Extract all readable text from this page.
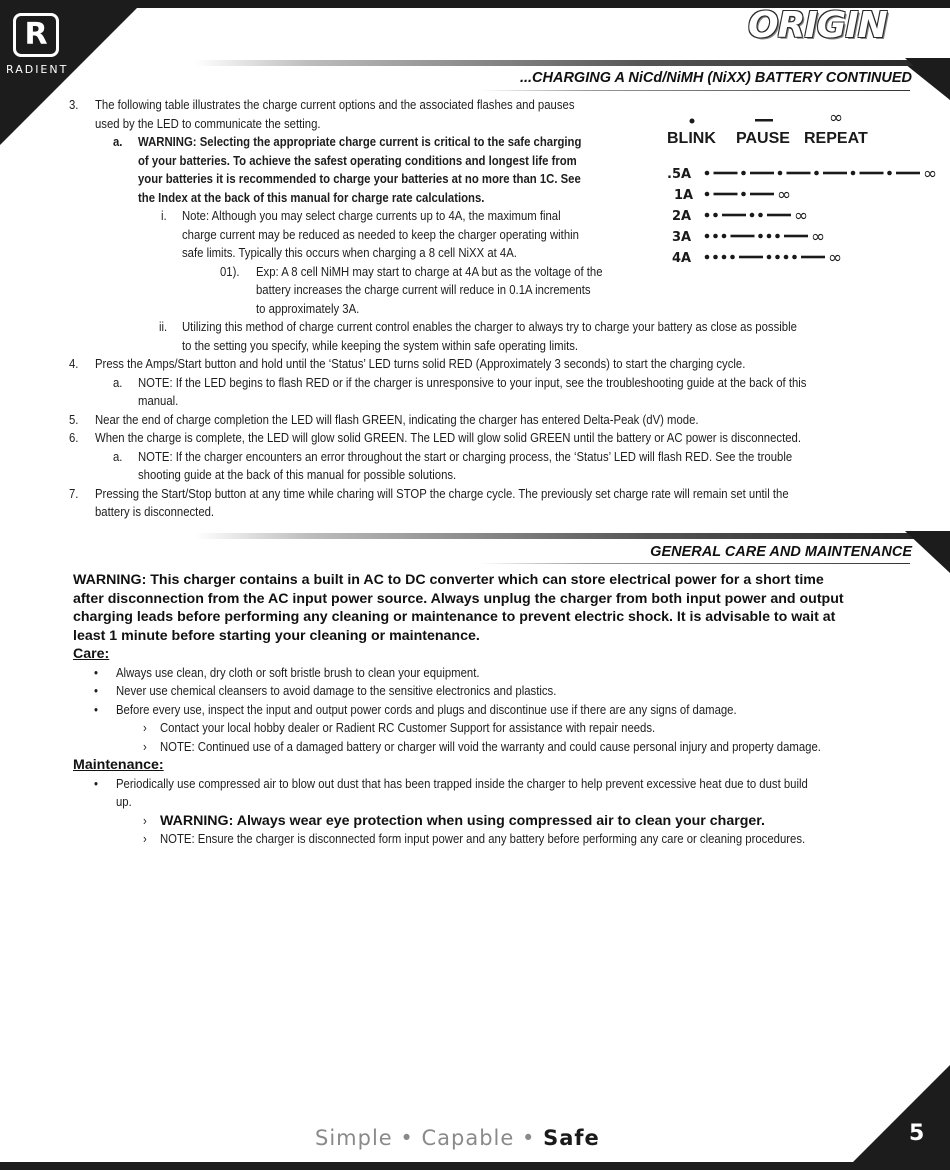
R
RADIENT
ORIGIN
...CHARGING A NiCd/NiMH (NiXX) BATTERY CONTINUED
3. The following table illustrates the charge current options and the associated flashes and pauses
used by the LED to communicate the setting.
a. WARNING: Selecting the appropriate charge current is critical to the safe charging
of your batteries. To achieve the safest operating conditions and longest life from
your batteries it is recommended to charge your batteries at no more than 1C. See
the Index at the back of this manual for charge rate calculations.
i. Note: Although you may select charge currents up to 4A, the maximum final
charge current may be reduced as needed to keep the charger operating within
safe limits. Typically this occurs when charging a 8 cell NiXX at 4A.
01). Exp: A 8 cell NiMH may start to charge at 4A but as the voltage of the
battery increases the charge current will reduce in 0.1A increments
to approximately 3A.
ii. Utilizing this method of charge current control enables the charger to always try to charge your battery as close as possible
to the setting you specify, while keeping the system within safe operating limits.
4. Press the Amps/Start button and hold until the ‘Status’ LED turns solid RED (Approximately 3 seconds) to start the charging cycle.
a. NOTE: If the LED begins to flash RED or if the charger is unresponsive to your input, see the troubleshooting guide at the back of this
manual.
5. Near the end of charge completion the LED will flash GREEN, indicating the charger has entered Delta-Peak (dV) mode.
6. When the charge is complete, the LED will glow solid GREEN. The LED will glow solid GREEN until the battery or AC power is disconnected.
a. NOTE: If the charger encounters an error throughout the start or charging process, the ‘Status’ LED will flash RED. See the trouble
shooting guide at the back of this manual for possible solutions.
7. Pressing the Start/Stop button at any time while charing will STOP the charge cycle. The previously set charge rate will remain set until the
battery is disconnected.
∞
BLINK PAUSE REPEAT
.5A
1A
2A
3A
4A
∞
∞
∞
∞
∞
GENERAL CARE AND MAINTENANCE
WARNING: This charger contains a built in AC to DC converter which can store electrical power for a short time
after disconnection from the AC input power source. Always unplug the charger from both input power and output
charging leads before performing any cleaning or maintenance to prevent electric shock. It is advisable to wait at
least 1 minute before starting your cleaning or maintenance.
Care:
• Always use clean, dry cloth or soft bristle brush to clean your equipment.
• Never use chemical cleansers to avoid damage to the sensitive electronics and plastics.
• Before every use, inspect the input and output power cords and plugs and discontinue use if there are any signs of damage.
› Contact your local hobby dealer or Radient RC Customer Support for assistance with repair needs.
› NOTE: Continued use of a damaged battery or charger will void the warranty and could cause personal injury and property damage.
Maintenance:
• Periodically use compressed air to blow out dust that has been trapped inside the charger to help prevent excessive heat due to dust build
up.
› WARNING: Always wear eye protection when using compressed air to clean your charger.
› NOTE: Ensure the charger is disconnected form input power and any battery before performing any care or cleaning procedures.
Simple • Capable • Safe	5
